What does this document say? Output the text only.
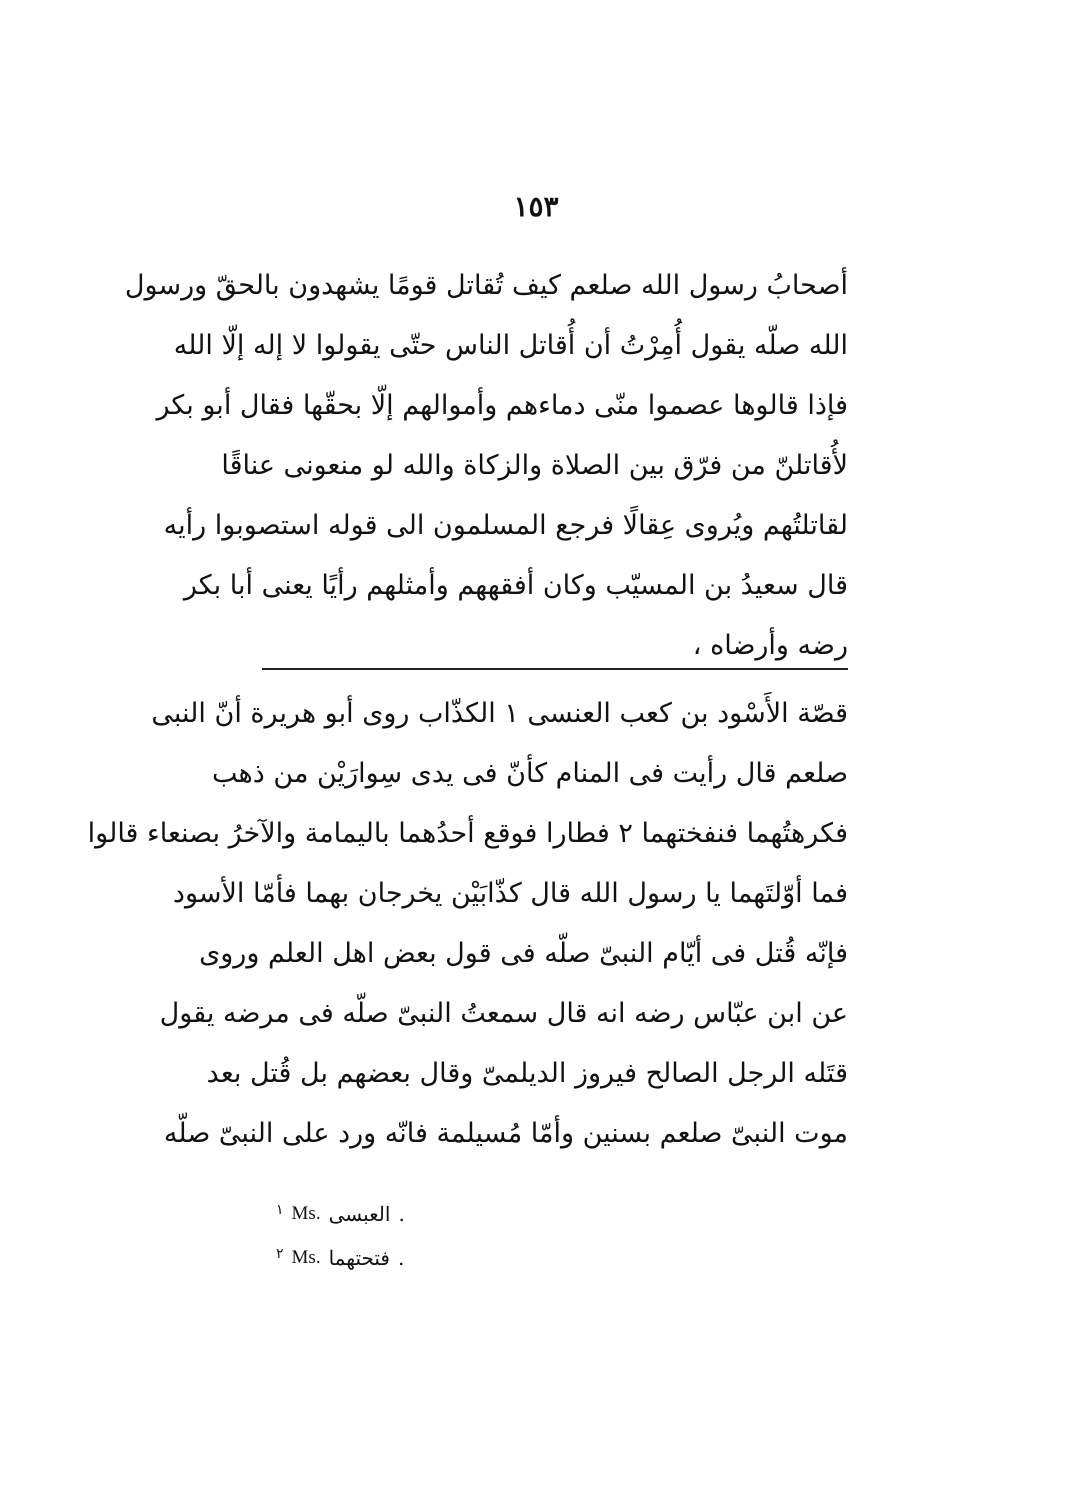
١٥٣
أصحابُ رسول الله صلعم كيف تُقاتل قومًا يشهدون بالحقّ ورسول
الله صلّه يقول أُمِرْتُ أن أُقاتل الناس حتّى يقولوا لا إله إلّا الله
فإذا قالوها عصموا منّى دماءهم وأموالهم إلّا بحقّها فقال أبو بكر
لأُقاتلنّ من فرّق بين الصلاة والزكاة والله لو منعونى عناقًا
لقاتلتُهم ويُروى عِقالًا فرجع المسلمون الى قوله استصوبوا رأيه
قال سعيدُ بن المسيّب وكان أفقههم وأمثلهم رأيًا يعنى أبا بكر
رضه وأرضاه ،
قصّة الأَسْود بن كعب العنسى ١ الكذّاب روى أبو هريرة أنّ النبى
صلعم قال رأيت فى المنام كأنّ فى يدى سِوارَيْن من ذهب
فكرهتُهما فنفختهما ٢ فطارا فوقع أحدُهما باليمامة والآخرُ بصنعاء قالوا
فما أوّلتَهما يا رسول الله قال كذّابَيْن يخرجان بهما فأمّا الأسود
فإنّه قُتل فى أيّام النبىّ صلّه فى قول بعض اهل العلم وروى
عن ابن عبّاس رضه انه قال سمعتُ النبىّ صلّه فى مرضه يقول
قتَله الرجل الصالح فيروز الديلمىّ وقال بعضهم بل قُتل بعد
موت النبىّ صلعم بسنين وأمّا مُسيلمة فانّه ورد على النبىّ صلّه
١ Ms. العبسى .
٢ Ms. فتحتهما .
